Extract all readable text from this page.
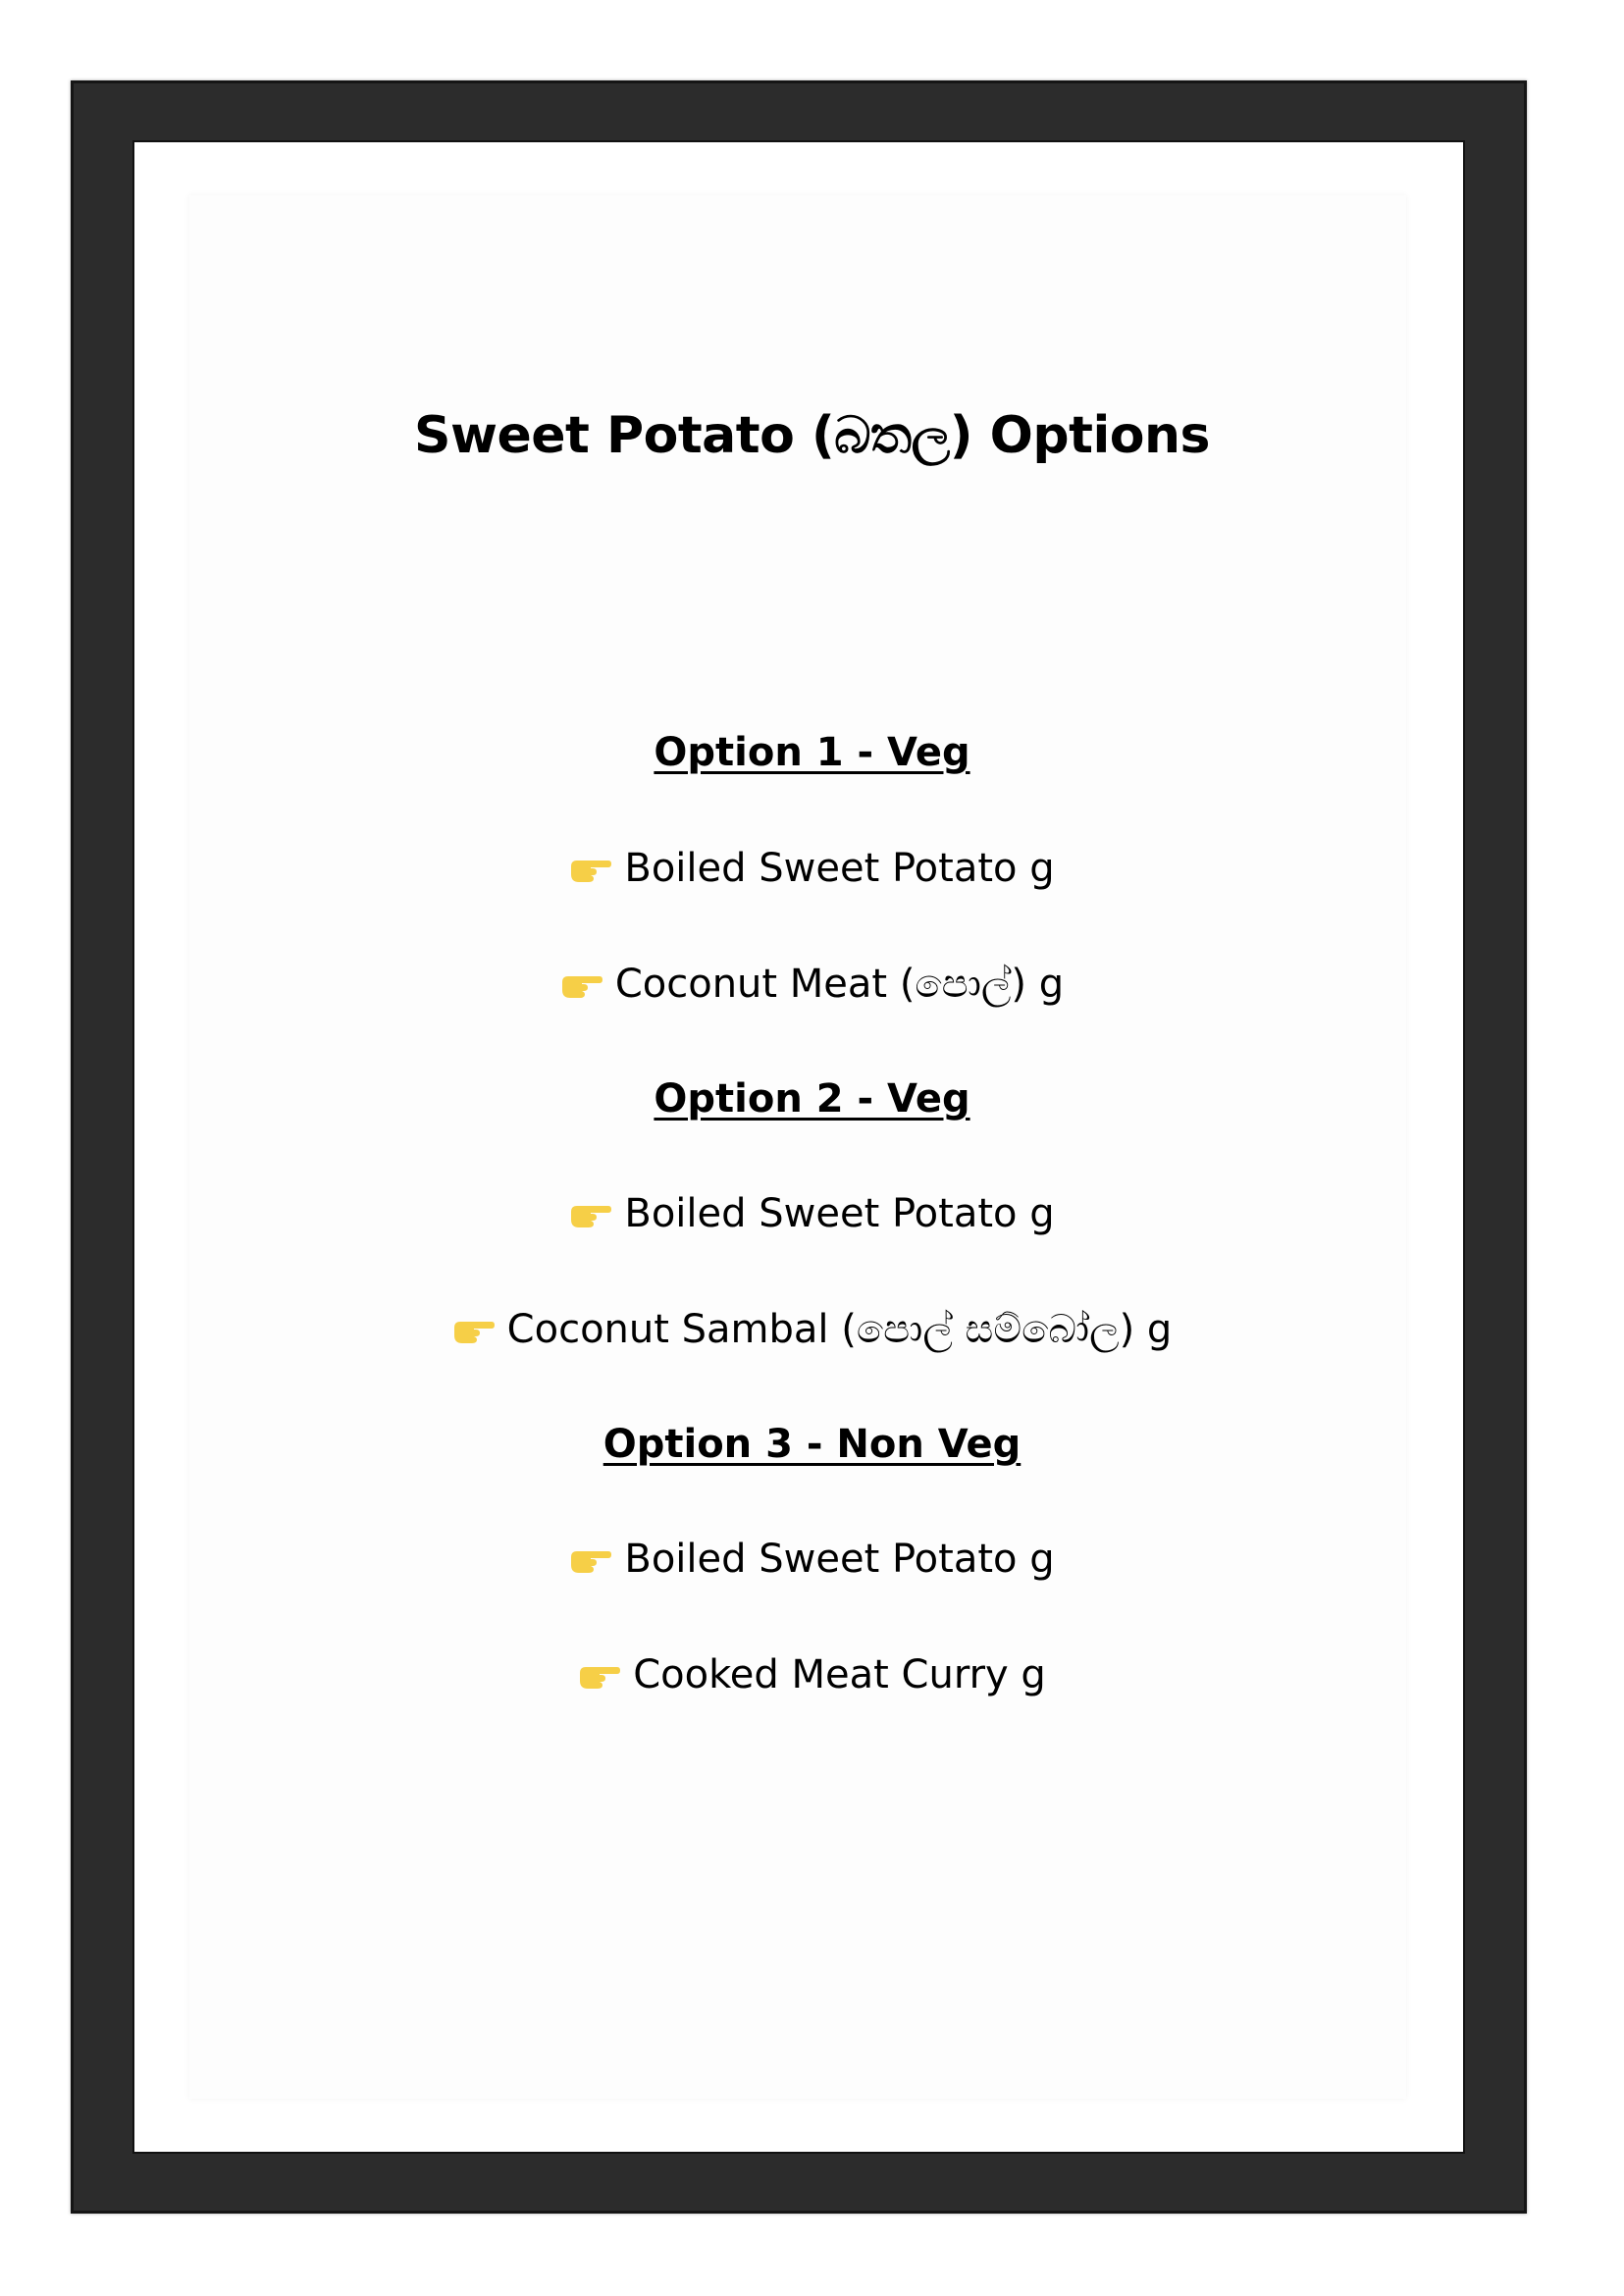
Sweet Potato (බතල) Options
Option 1 - Veg
Boiled Sweet Potato g
Coconut Meat (පොල්) g
Option 2 - Veg
Boiled Sweet Potato g
Coconut Sambal (පොල් සම්බෝල) g
Option 3 - Non Veg
Boiled Sweet Potato g
Cooked Meat Curry g
